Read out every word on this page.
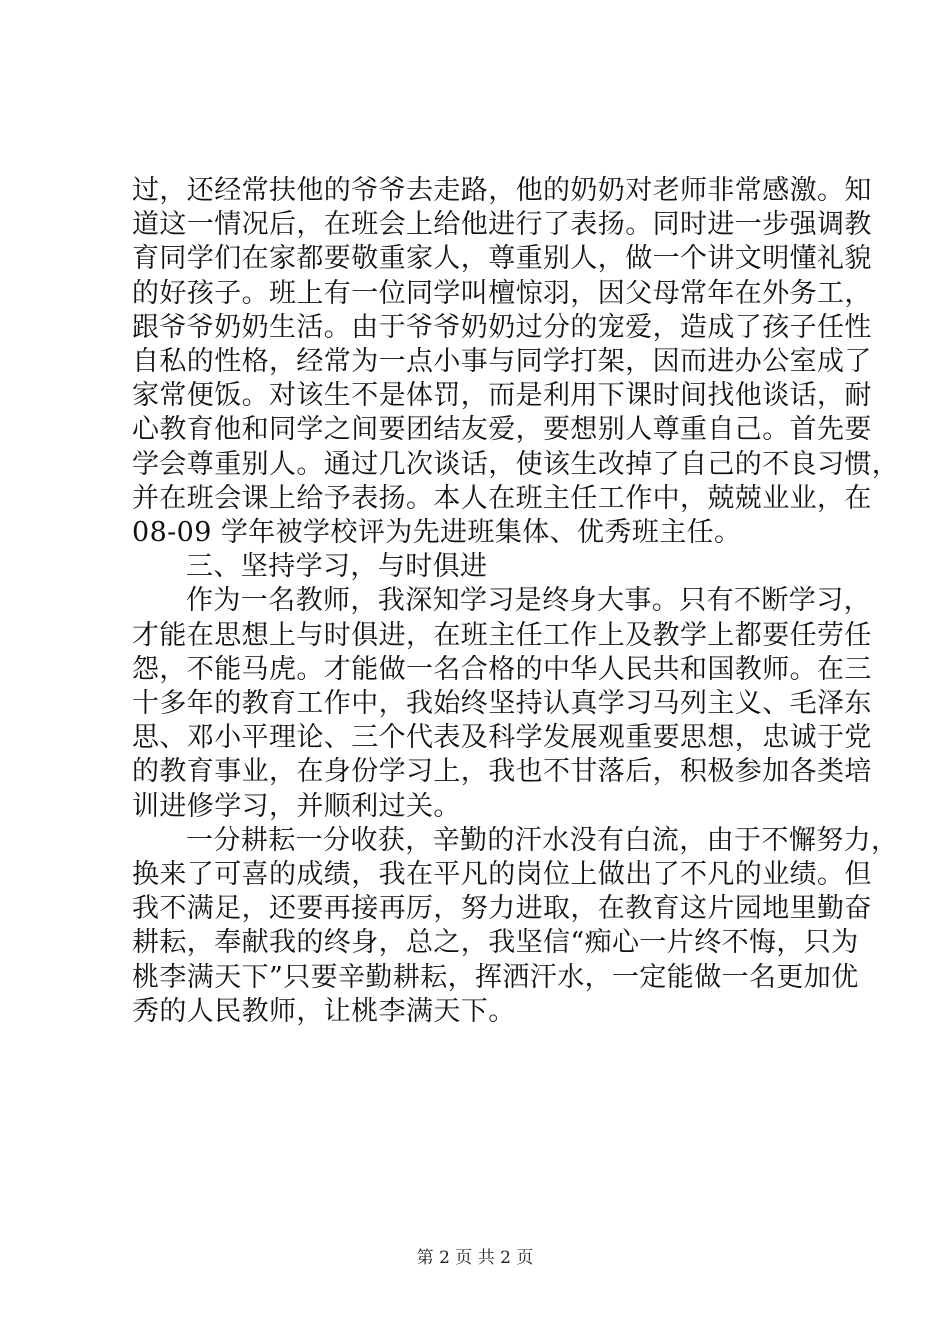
过，还经常扶他的爷爷去走路，他的奶奶对老师非常感激。知
道这一情况后，在班会上给他进行了表扬。同时进一步强调教
育同学们在家都要敬重家人，尊重别人，做一个讲文明懂礼貌
的好孩子。班上有一位同学叫檀惊羽，因父母常年在外务工，
跟爷爷奶奶生活。由于爷爷奶奶过分的宠爱，造成了孩子任性
自私的性格，经常为一点小事与同学打架，因而进办公室成了
家常便饭。对该生不是体罚，而是利用下课时间找他谈话，耐
心教育他和同学之间要团结友爱，要想别人尊重自己。首先要
学会尊重别人。通过几次谈话，使该生改掉了自己的不良习惯，
并在班会课上给予表扬。本人在班主任工作中，兢兢业业，在
08-09 学年被学校评为先进班集体、优秀班主任。
三、坚持学习，与时俱进
作为一名教师，我深知学习是终身大事。只有不断学习，
才能在思想上与时俱进，在班主任工作上及教学上都要任劳任
怨，不能马虎。才能做一名合格的中华人民共和国教师。在三
十多年的教育工作中，我始终坚持认真学习马列主义、毛泽东
思、邓小平理论、三个代表及科学发展观重要思想，忠诚于党
的教育事业，在身份学习上，我也不甘落后，积极参加各类培
训进修学习，并顺利过关。
一分耕耘一分收获，辛勤的汗水没有白流，由于不懈努力，
换来了可喜的成绩，我在平凡的岗位上做出了不凡的业绩。但
我不满足，还要再接再厉，努力进取，在教育这片园地里勤奋
耕耘，奉献我的终身，总之，我坚信“痴心一片终不悔，只为
桃李满天下”只要辛勤耕耘，挥洒汗水，一定能做一名更加优
秀的人民教师，让桃李满天下。
第 2 页 共 2 页
